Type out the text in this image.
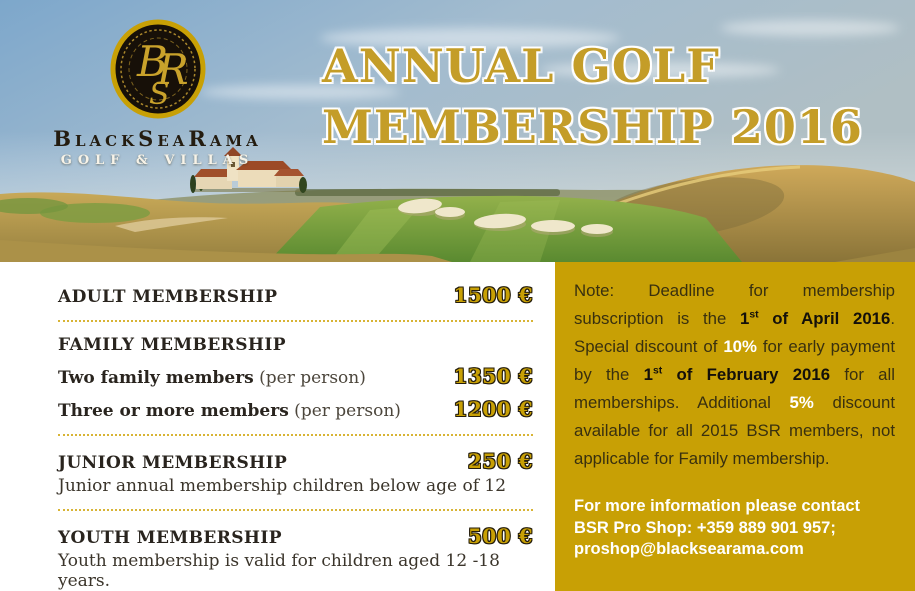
B
R
S
BlackSeaRama
GOLF & VILLAS
ANNUAL GOLF
MEMBERSHIP 2016
ADULT MEMBERSHIP	1500 €
FAMILY MEMBERSHIP
Two family members (per person)	1350 €
Three or more members (per person)	1200 €
JUNIOR MEMBERSHIP	250 €
Junior annual membership children below age of 12
YOUTH MEMBERSHIP	500 €
Youth membership is valid for children aged 12 -18 years.

Note: Deadline for membership subscription is the 1st of April 2016. Special discount of 10% for early payment by the 1st of February 2016 for all memberships. Additional 5% discount available for all 2015 BSR members, not applicable for Family membership.

For more information please contact
BSR Pro Shop: +359 889 901 957;
proshop@blacksearama.com
